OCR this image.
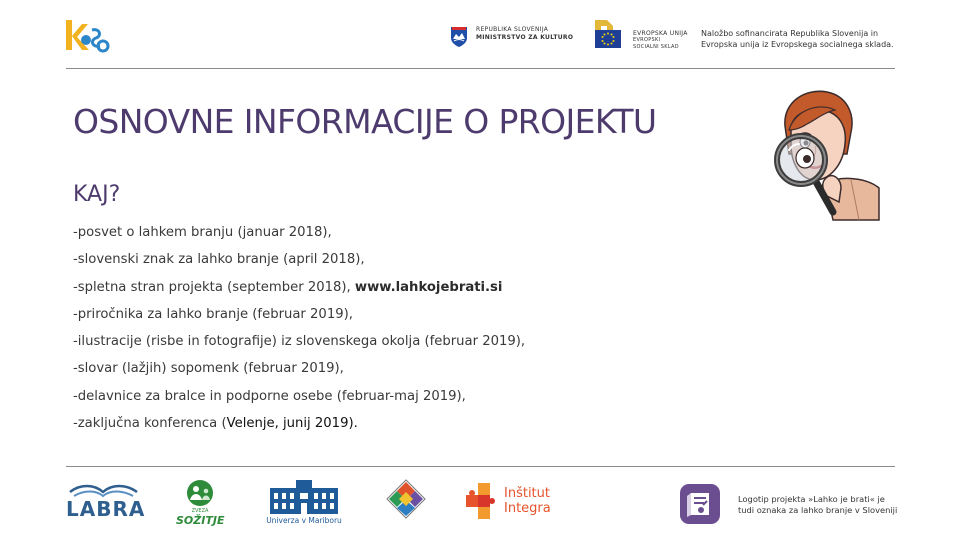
REPUBLIKA SLOVENIJA
MINISTRSTVO ZA KULTURO
EVROPSKA UNIJA
EVROPSKI
SOCIALNI SKLAD
Naložbo sofinancirata Republika Slovenija in Evropska unija iz Evropskega socialnega sklada.
OSNOVNE INFORMACIJE O PROJEKTU
KAJ?
-posvet o lahkem branju (januar 2018),
-slovenski znak za lahko branje (april 2018),
-spletna stran projekta (september 2018), www.lahkojebrati.si
-priročnika za lahko branje (februar 2019),
-ilustracije (risbe in fotografije) iz slovenskega okolja (februar 2019),
-slovar (lažjih) sopomenk (februar 2019),
-delavnice za bralce in podporne osebe (februar-maj 2019),
-zaključna konferenca (Velenje, junij 2019).
LABRA	ZVEZA
SOŽITJE	Univerza v Mariboru
Inštitut
Integra
Logotip projekta »Lahko je brati« je tudi oznaka za lahko branje v Sloveniji
